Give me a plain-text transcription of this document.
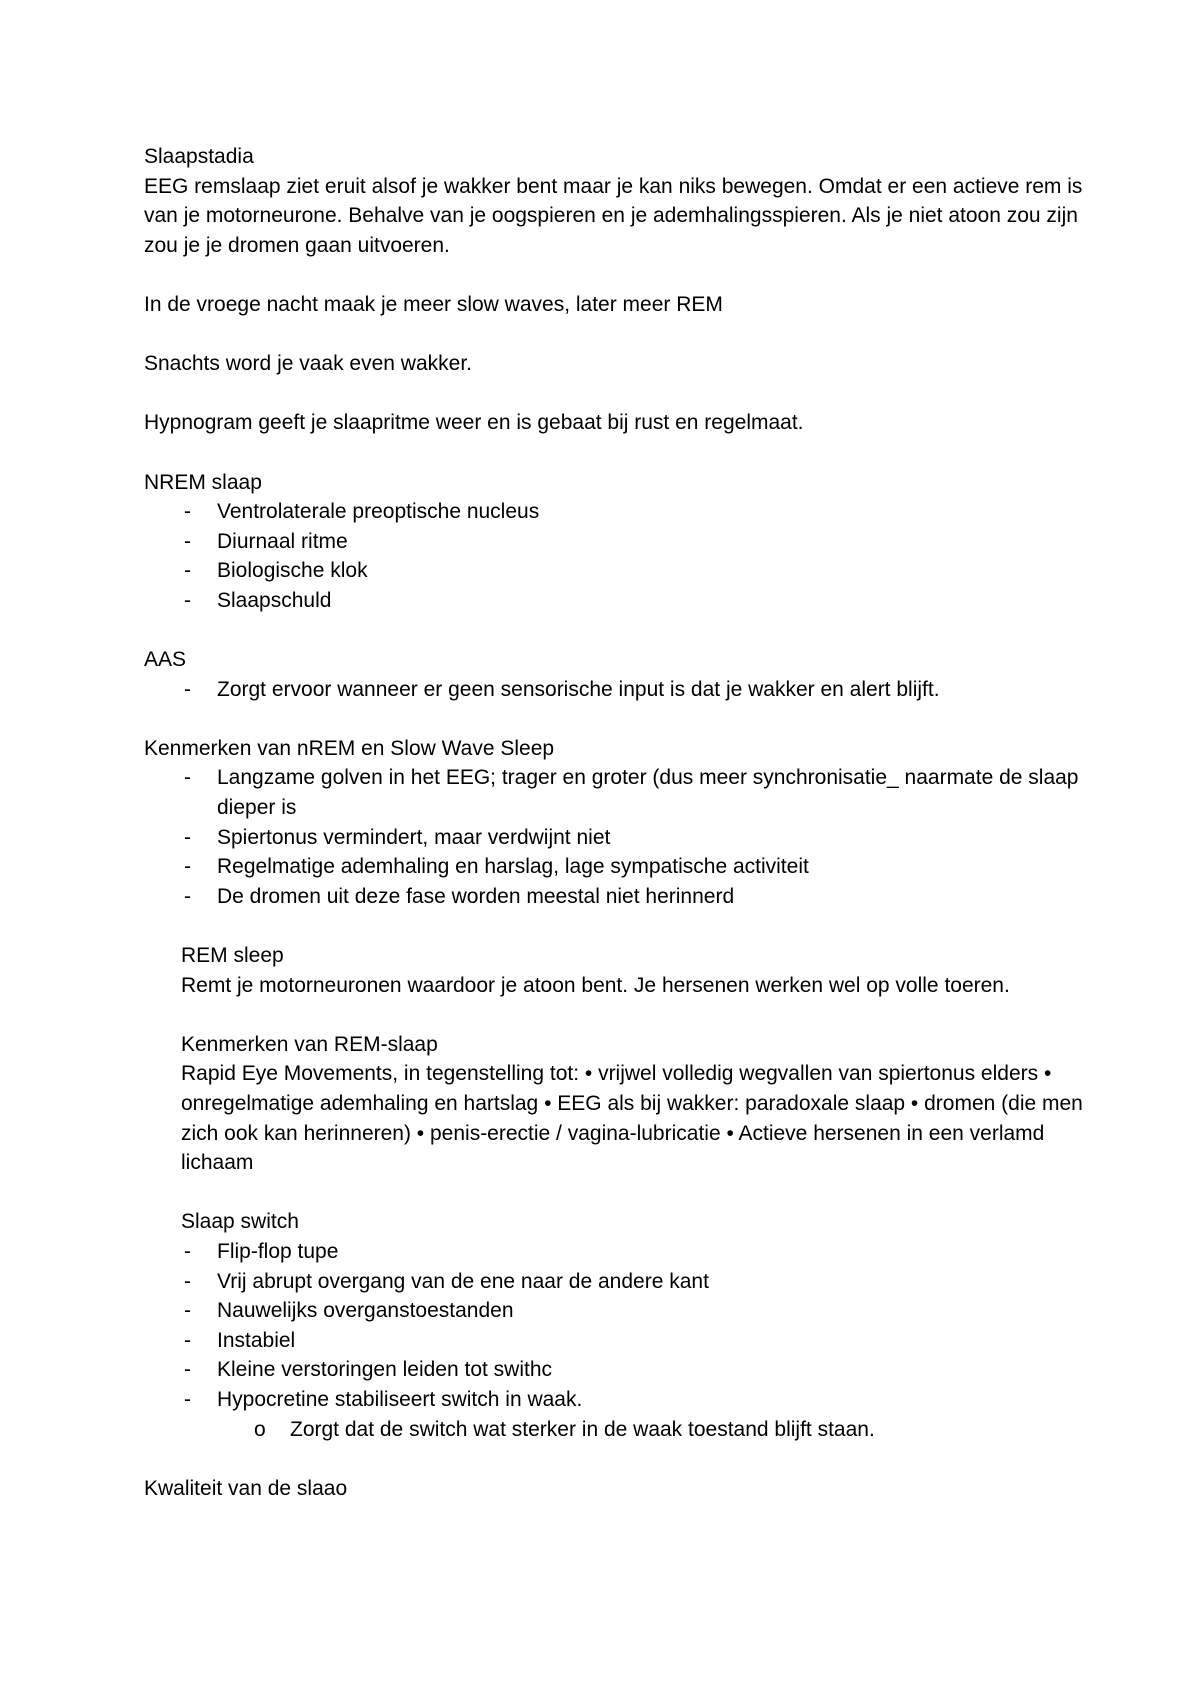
Slaapstadia

EEG remslaap ziet eruit alsof je wakker bent maar je kan niks bewegen. Omdat er een actieve rem is van je motorneurone. Behalve van je oogspieren en je ademhalingsspieren. Als je niet atoon zou zijn zou je je dromen gaan uitvoeren.

In de vroege nacht maak je meer slow waves, later meer REM

Snachts word je vaak even wakker.

Hypnogram geeft je slaapritme weer en is gebaat bij rust en regelmaat.

NREM slaap

- Ventrolaterale preoptische nucleus
- Diurnaal ritme
- Biologische klok
- Slaapschuld

AAS

- Zorgt ervoor wanneer er geen sensorische input is dat je wakker en alert blijft.

Kenmerken van nREM en Slow Wave Sleep

- Langzame golven in het EEG; trager en groter (dus meer synchronisatie_ naarmate de slaap dieper is
- Spiertonus vermindert, maar verdwijnt niet
- Regelmatige ademhaling en harslag, lage sympatische activiteit
- De dromen uit deze fase worden meestal niet herinnerd

REM sleep

Remt je motorneuronen waardoor je atoon bent. Je hersenen werken wel op volle toeren.

Kenmerken van REM-slaap

Rapid Eye Movements, in tegenstelling tot: • vrijwel volledig wegvallen van spiertonus elders • onregelmatige ademhaling en hartslag • EEG als bij wakker: paradoxale slaap • dromen (die men zich ook kan herinneren) • penis-erectie / vagina-lubricatie • Actieve hersenen in een verlamd lichaam

Slaap switch

- Flip-flop tupe
- Vrij abrupt overgang van de ene naar de andere kant
- Nauwelijks overganstoestanden
- Instabiel
- Kleine verstoringen leiden tot swithc
- Hypocretine stabiliseert switch in waak.
o Zorgt dat de switch wat sterker in de waak toestand blijft staan.

Kwaliteit van de slaao
